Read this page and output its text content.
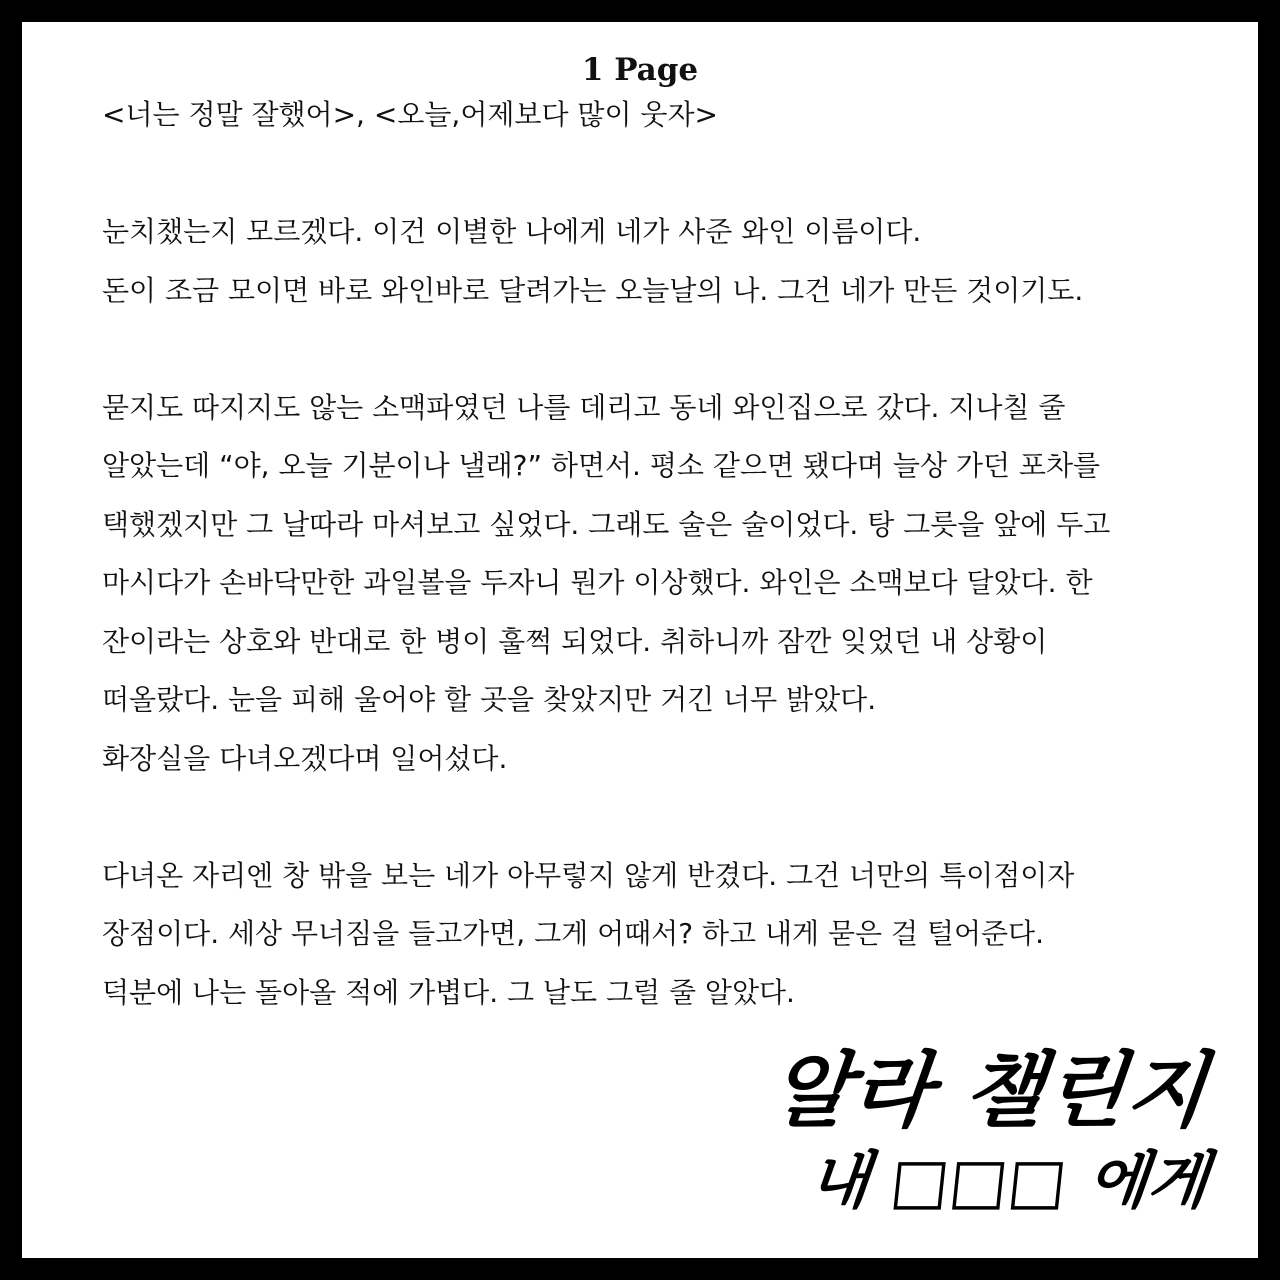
1 Page

<너는 정말 잘했어>, <오늘,어제보다 많이 웃자>

눈치챘는지 모르겠다. 이건 이별한 나에게 네가 사준 와인 이름이다.

돈이 조금 모이면 바로 와인바로 달려가는 오늘날의 나. 그건 네가 만든 것이기도.

묻지도 따지지도 않는 소맥파였던 나를 데리고 동네 와인집으로 갔다. 지나칠 줄

알았는데 “야, 오늘 기분이나 낼래?” 하면서. 평소 같으면 됐다며 늘상 가던 포차를

택했겠지만 그 날따라 마셔보고 싶었다. 그래도 술은 술이었다. 탕 그릇을 앞에 두고

마시다가 손바닥만한 과일볼을 두자니 뭔가 이상했다. 와인은 소맥보다 달았다. 한

잔이라는 상호와 반대로 한 병이 훌쩍 되었다. 취하니까 잠깐 잊었던 내 상황이

떠올랐다. 눈을 피해 울어야 할 곳을 찾았지만 거긴 너무 밝았다.

화장실을 다녀오겠다며 일어섰다.

다녀온 자리엔 창 밖을 보는 네가 아무렇지 않게 반겼다. 그건 너만의 특이점이자

장점이다. 세상 무너짐을 들고가면, 그게 어때서? 하고 내게 묻은 걸 털어준다.

덕분에 나는 돌아올 적에 가볍다. 그 날도 그럴 줄 알았다.

알라 챌린지
내 □□□ 에게
